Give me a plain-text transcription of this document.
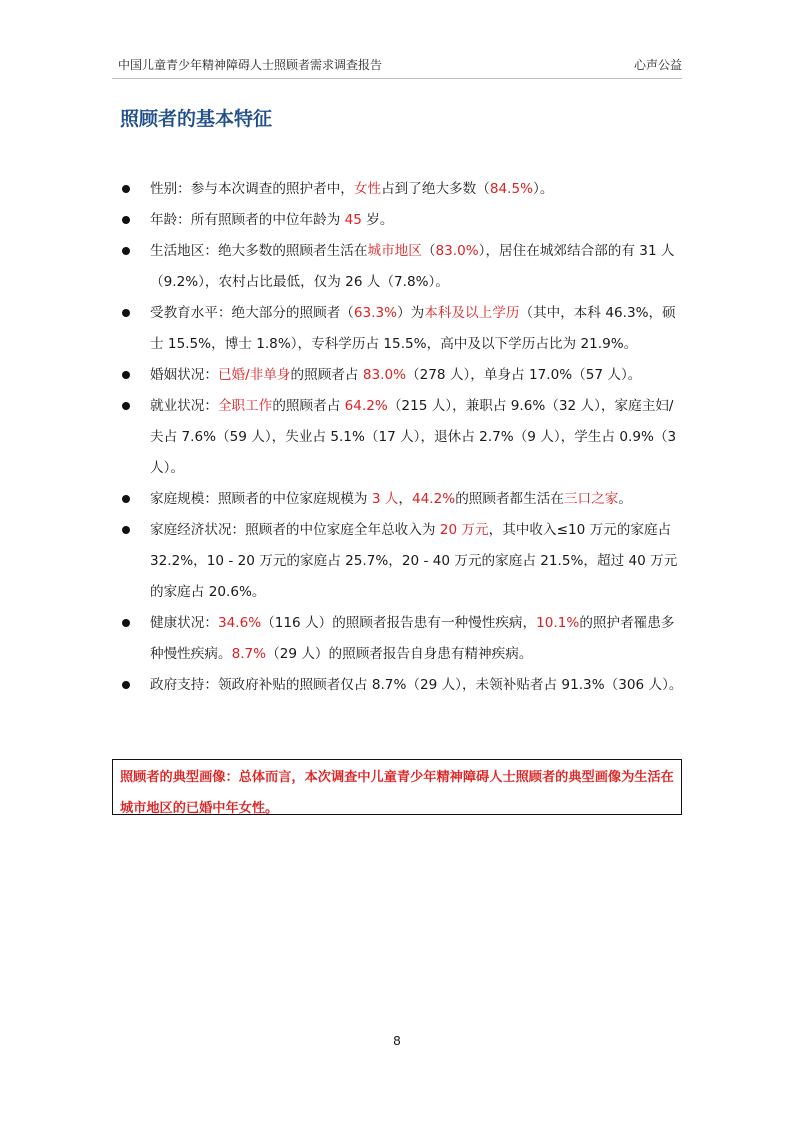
中国儿童青少年精神障碍人士照顾者需求调查报告	心声公益
照顾者的基本特征
性别：参与本次调查的照护者中，女性占到了绝大多数（84.5%）。
年龄：所有照顾者的中位年龄为 45 岁。
生活地区：绝大多数的照顾者生活在城市地区（83.0%），居住在城郊结合部的有 31 人（9.2%），农村占比最低，仅为 26 人（7.8%）。
受教育水平：绝大部分的照顾者（63.3%）为本科及以上学历（其中，本科 46.3%，硕士 15.5%，博士 1.8%），专科学历占 15.5%，高中及以下学历占比为 21.9%。
婚姻状况：已婚/非单身的照顾者占 83.0%（278 人），单身占 17.0%（57 人）。
就业状况：全职工作的照顾者占 64.2%（215 人），兼职占 9.6%（32 人），家庭主妇/夫占 7.6%（59 人），失业占 5.1%（17 人），退休占 2.7%（9 人），学生占 0.9%（3 人）。
家庭规模：照顾者的中位家庭规模为 3 人，44.2%的照顾者都生活在三口之家。
家庭经济状况：照顾者的中位家庭全年总收入为 20 万元，其中收入≤10 万元的家庭占 32.2%，10 - 20 万元的家庭占 25.7%，20 - 40 万元的家庭占 21.5%，超过 40 万元的家庭占 20.6%。
健康状况：34.6%（116 人）的照顾者报告患有一种慢性疾病，10.1%的照护者罹患多种慢性疾病。8.7%（29 人）的照顾者报告自身患有精神疾病。
政府支持：领政府补贴的照顾者仅占 8.7%（29 人），未领补贴者占 91.3%（306 人）。
照顾者的典型画像：总体而言，本次调查中儿童青少年精神障碍人士照顾者的典型画像为生活在城市地区的已婚中年女性。
8
